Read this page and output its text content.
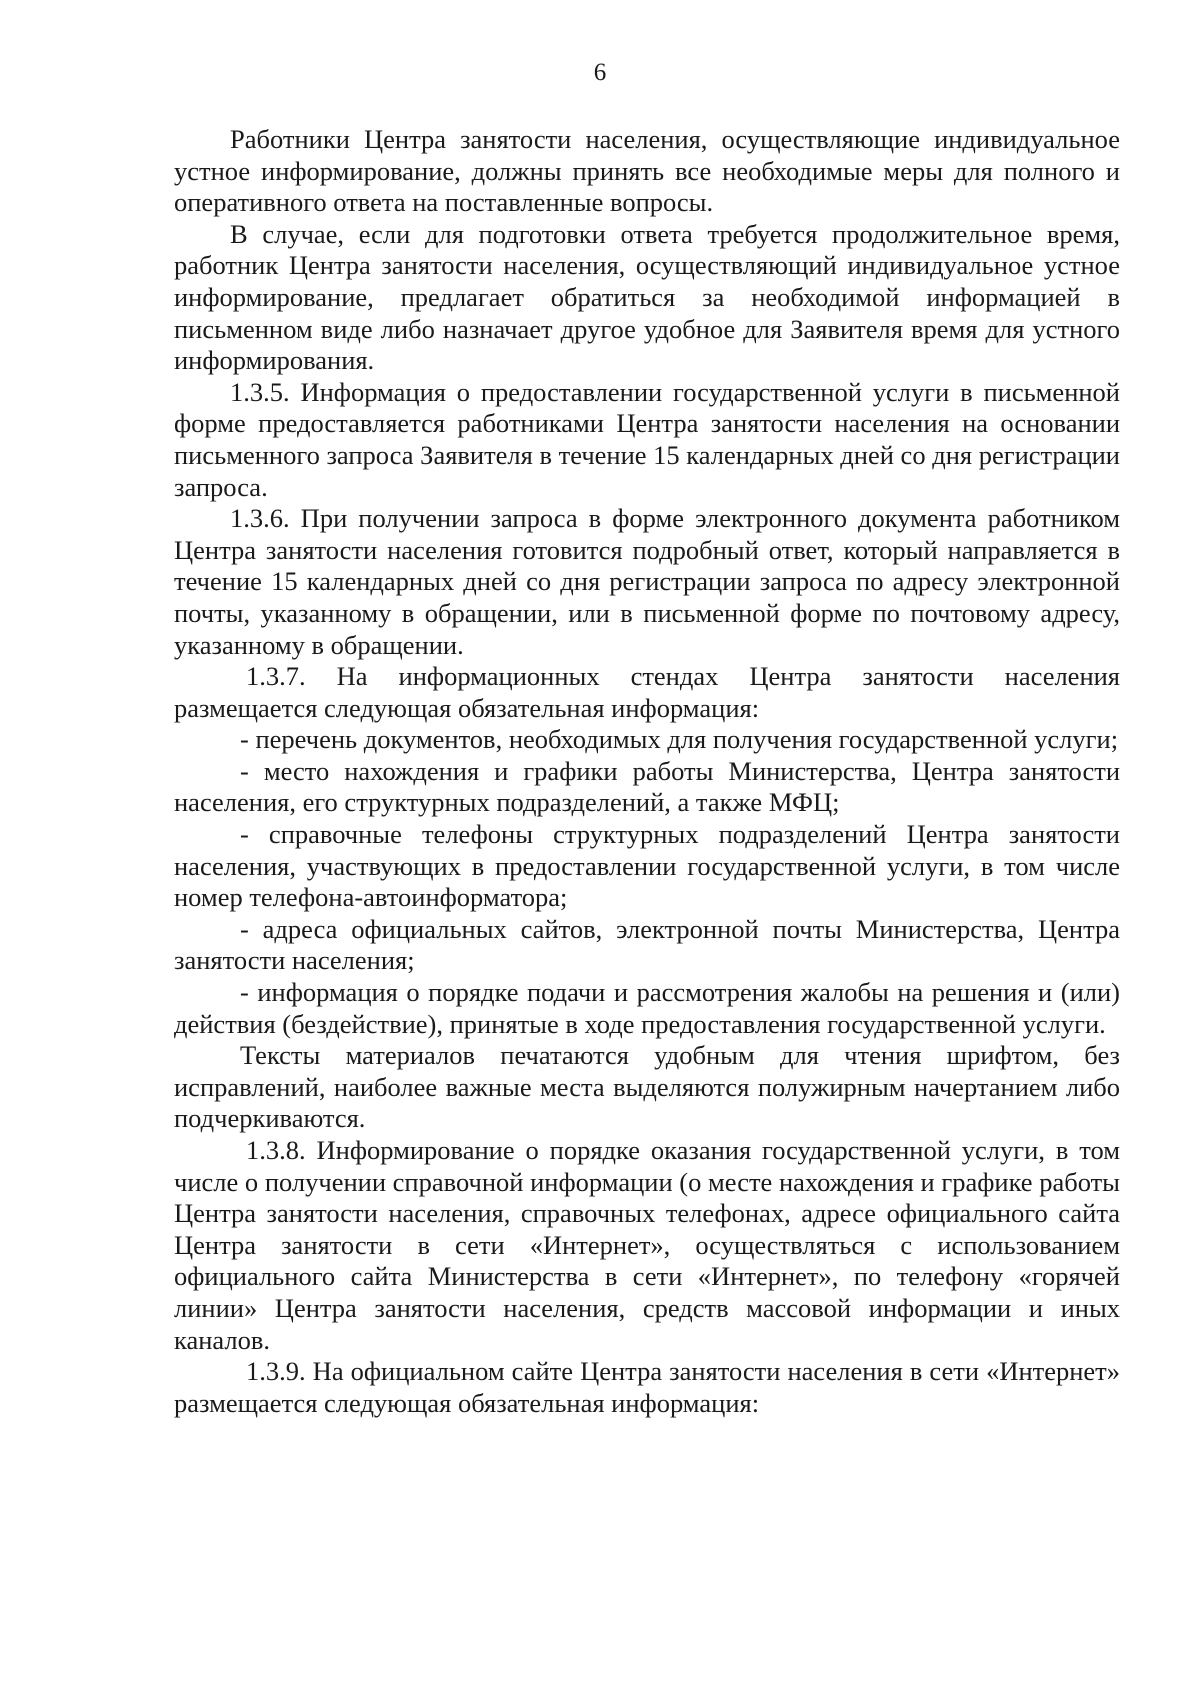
6

Работники Центра занятости населения, осуществляющие индивидуальное устное информирование, должны принять все необходимые меры для полного и оперативного ответа на поставленные вопросы.

В случае, если для подготовки ответа требуется продолжительное время, работник Центра занятости населения, осуществляющий индивидуальное устное информирование, предлагает обратиться за необходимой информацией в письменном виде либо назначает другое удобное для Заявителя время для устного информирования.

1.3.5. Информация о предоставлении государственной услуги в письменной форме предоставляется работниками Центра занятости населения на основании письменного запроса Заявителя в течение 15 календарных дней со дня регистрации запроса.

1.3.6. При получении запроса в форме электронного документа работником Центра занятости населения готовится подробный ответ, который направляется в течение 15 календарных дней со дня регистрации запроса по адресу электронной почты, указанному в обращении, или в письменной форме по почтовому адресу, указанному в обращении.

1.3.7. На информационных стендах Центра занятости населения размещается следующая обязательная информация:

- перечень документов, необходимых для получения государственной услуги;

- место нахождения и графики работы Министерства, Центра занятости населения, его структурных подразделений, а также МФЦ;

- справочные телефоны структурных подразделений Центра занятости населения, участвующих в предоставлении государственной услуги, в том числе номер телефона-автоинформатора;

- адреса официальных сайтов, электронной почты Министерства, Центра занятости населения;

- информация о порядке подачи и рассмотрения жалобы на решения и (или) действия (бездействие), принятые в ходе предоставления государственной услуги.

Тексты материалов печатаются удобным для чтения шрифтом, без исправлений, наиболее важные места выделяются полужирным начертанием либо подчеркиваются.

1.3.8. Информирование о порядке оказания государственной услуги, в том числе о получении справочной информации (о месте нахождения и графике работы Центра занятости населения, справочных телефонах, адресе официального сайта Центра занятости в сети «Интернет», осуществляться с использованием официального сайта Министерства в сети «Интернет», по телефону «горячей линии» Центра занятости населения, средств массовой информации и иных каналов.

1.3.9. На официальном сайте Центра занятости населения в сети «Интернет» размещается следующая обязательная информация:
